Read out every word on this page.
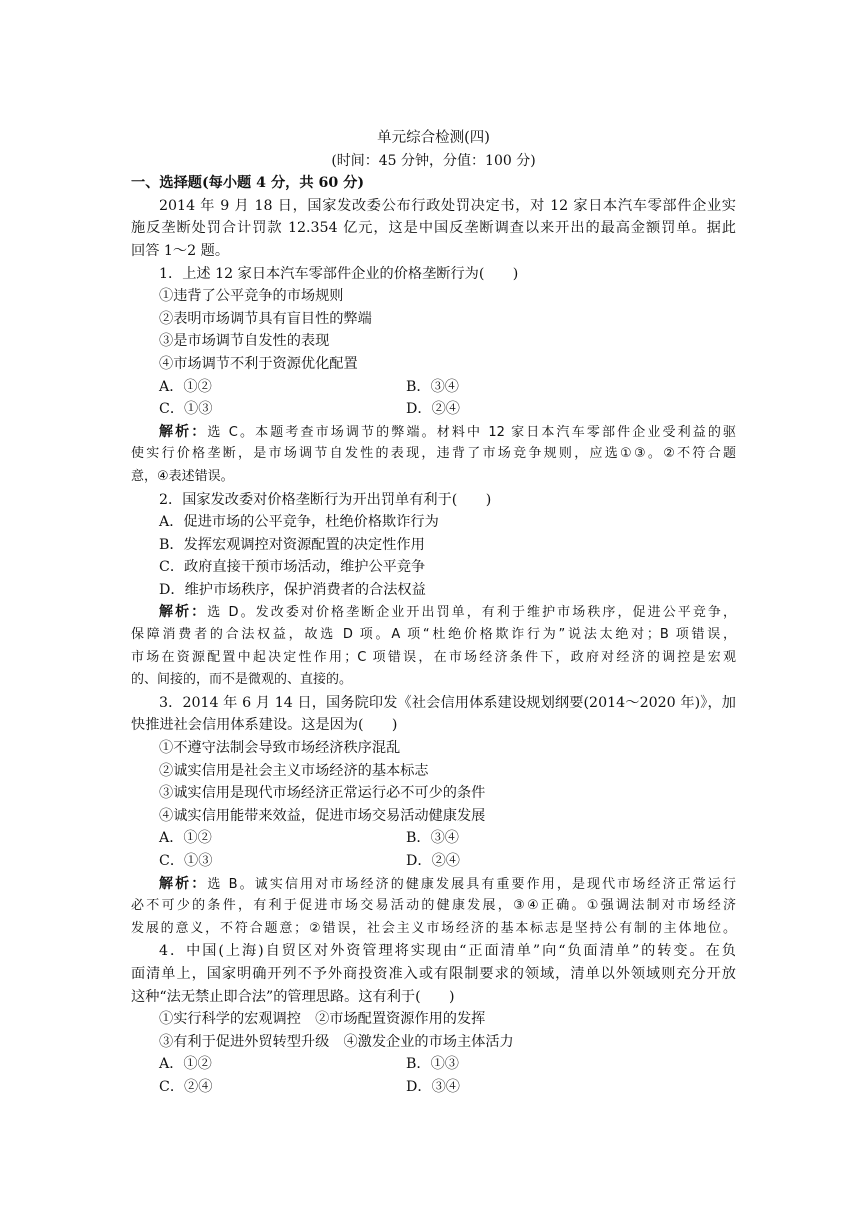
单元综合检测(四)
(时间：45 分钟，分值：100 分)
一、选择题(每小题 4 分，共 60 分)
2014 年 9 月 18 日，国家发改委公布行政处罚决定书，对 12 家日本汽车零部件企业实
施反垄断处罚合计罚款 12.354 亿元，这是中国反垄断调查以来开出的最高金额罚单。据此
回答 1～2 题。
1．上述 12 家日本汽车零部件企业的价格垄断行为(　　)
①违背了公平竞争的市场规则
②表明市场调节具有盲目性的弊端
③是市场调节自发性的表现
④市场调节不利于资源优化配置
A．①②	B．③④
C．①③	D．②④
解析：选 C。本题考查市场调节的弊端。材料中 12 家日本汽车零部件企业受利益的驱
使实行价格垄断，是市场调节自发性的表现，违背了市场竞争规则，应选①③。②不符合题
意，④表述错误。
2．国家发改委对价格垄断行为开出罚单有利于(　　)
A．促进市场的公平竞争，杜绝价格欺诈行为
B．发挥宏观调控对资源配置的决定性作用
C．政府直接干预市场活动，维护公平竞争
D．维护市场秩序，保护消费者的合法权益
解析：选 D。发改委对价格垄断企业开出罚单，有利于维护市场秩序，促进公平竞争，
保障消费者的合法权益，故选 D 项。A 项“杜绝价格欺诈行为”说法太绝对；B 项错误，
市场在资源配置中起决定性作用；C 项错误，在市场经济条件下，政府对经济的调控是宏观
的、间接的，而不是微观的、直接的。
3．2014 年 6 月 14 日，国务院印发《社会信用体系建设规划纲要(2014～2020 年)》，加
快推进社会信用体系建设。这是因为(　　)
①不遵守法制会导致市场经济秩序混乱
②诚实信用是社会主义市场经济的基本标志
③诚实信用是现代市场经济正常运行必不可少的条件
④诚实信用能带来效益，促进市场交易活动健康发展
A．①②	B．③④
C．①③	D．②④
解析：选 B。诚实信用对市场经济的健康发展具有重要作用，是现代市场经济正常运行
必不可少的条件，有利于促进市场交易活动的健康发展，③④正确。①强调法制对市场经济
发展的意义，不符合题意；②错误，社会主义市场经济的基本标志是坚持公有制的主体地位。
4．中国(上海)自贸区对外资管理将实现由“正面清单”向“负面清单”的转变。在负
面清单上，国家明确开列不予外商投资准入或有限制要求的领域，清单以外领域则充分开放
这种“法无禁止即合法”的管理思路。这有利于(　　)
①实行科学的宏观调控　②市场配置资源作用的发挥
③有利于促进外贸转型升级　④激发企业的市场主体活力
A．①②	B．①③
C．②④	D．③④
